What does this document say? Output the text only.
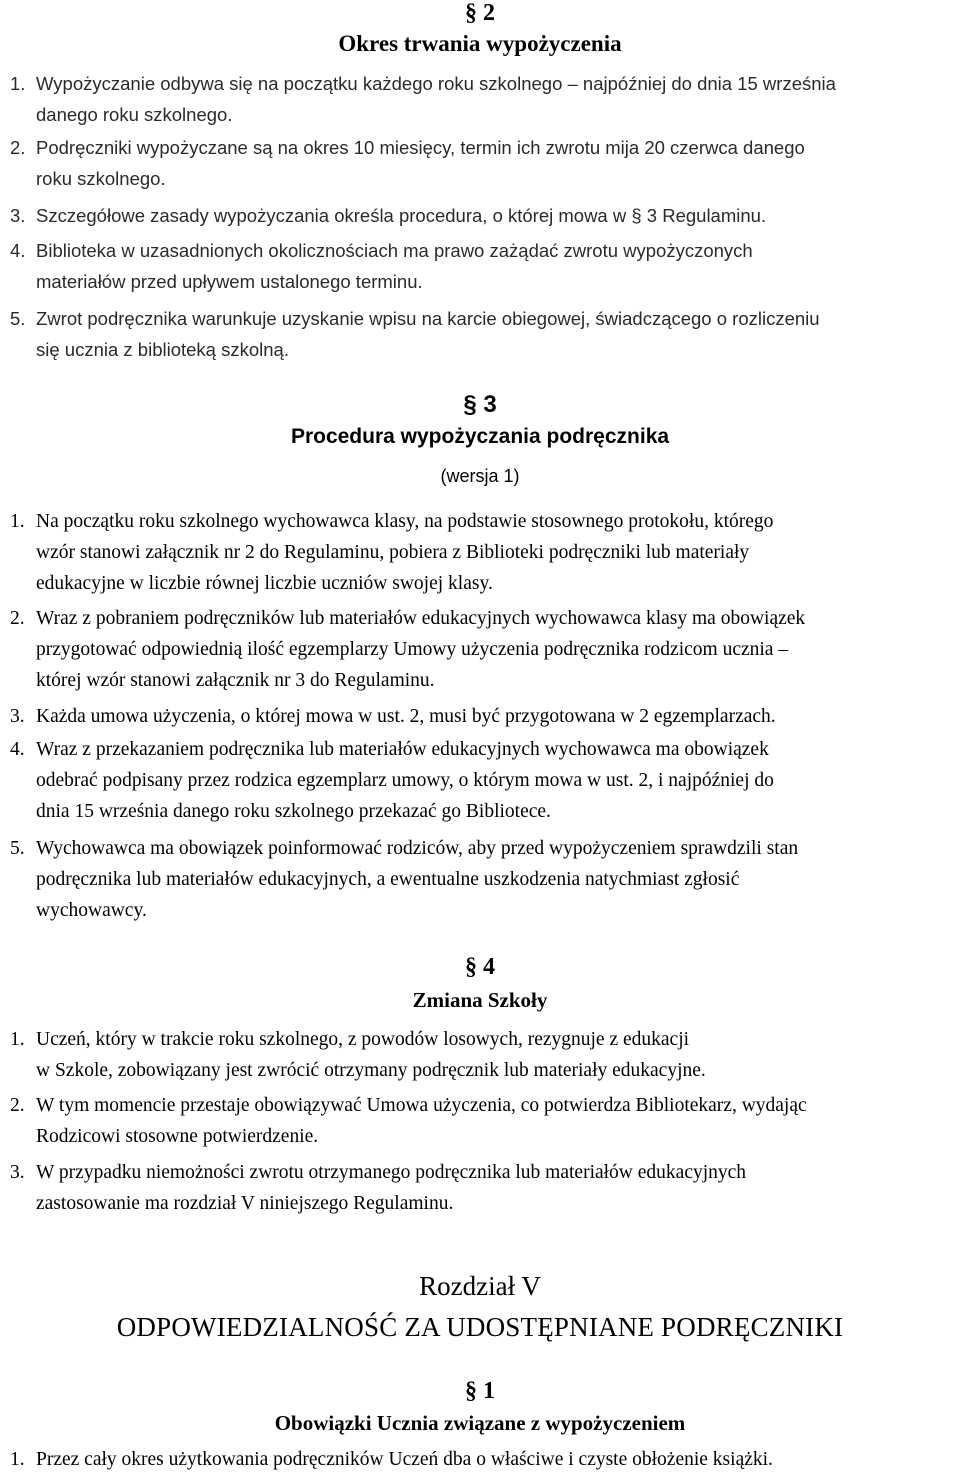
§ 2
Okres trwania wypożyczenia
1. Wypożyczanie odbywa się na początku każdego roku szkolnego – najpóźniej do dnia 15 września
danego roku szkolnego.
2. Podręczniki wypożyczane są na okres 10 miesięcy, termin ich zwrotu mija 20 czerwca danego
roku szkolnego.
3. Szczegółowe zasady wypożyczania określa procedura, o której mowa w § 3 Regulaminu.
4. Biblioteka w uzasadnionych okolicznościach ma prawo zażądać zwrotu wypożyczonych
materiałów przed upływem ustalonego terminu.
5. Zwrot podręcznika warunkuje uzyskanie wpisu na karcie obiegowej, świadczącego o rozliczeniu
się ucznia z biblioteką szkolną.
§ 3
Procedura wypożyczania podręcznika
(wersja 1)
1. Na początku roku szkolnego wychowawca klasy, na podstawie stosownego protokołu, którego
wzór stanowi załącznik nr 2 do Regulaminu, pobiera z Biblioteki podręczniki lub materiały
edukacyjne w liczbie równej liczbie uczniów swojej klasy.
2. Wraz z pobraniem podręczników lub materiałów edukacyjnych wychowawca klasy ma obowiązek
przygotować odpowiednią ilość egzemplarzy Umowy użyczenia podręcznika rodzicom ucznia –
której wzór stanowi załącznik nr 3 do Regulaminu.
3. Każda umowa użyczenia, o której mowa w ust. 2, musi być przygotowana w 2 egzemplarzach.
4. Wraz z przekazaniem podręcznika lub materiałów edukacyjnych wychowawca ma obowiązek
odebrać podpisany przez rodzica egzemplarz umowy, o którym mowa w ust. 2, i najpóźniej do
dnia 15 września danego roku szkolnego przekazać go Bibliotece.
5. Wychowawca ma obowiązek poinformować rodziców, aby przed wypożyczeniem sprawdzili stan
podręcznika lub materiałów edukacyjnych, a ewentualne uszkodzenia natychmiast zgłosić
wychowawcy.
§ 4
Zmiana Szkoły
1. Uczeń, który w trakcie roku szkolnego, z powodów losowych, rezygnuje z edukacji
w Szkole, zobowiązany jest zwrócić otrzymany podręcznik lub materiały edukacyjne.
2. W tym momencie przestaje obowiązywać Umowa użyczenia, co potwierdza Bibliotekarz, wydając
Rodzicowi stosowne potwierdzenie.
3. W przypadku niemożności zwrotu otrzymanego podręcznika lub materiałów edukacyjnych
zastosowanie ma rozdział V niniejszego Regulaminu.
Rozdział V
ODPOWIEDZIALNOŚĆ ZA UDOSTĘPNIANE PODRĘCZNIKI
§ 1
Obowiązki Ucznia związane z wypożyczeniem
1. Przez cały okres użytkowania podręczników Uczeń dba o właściwe i czyste obłożenie książki.
